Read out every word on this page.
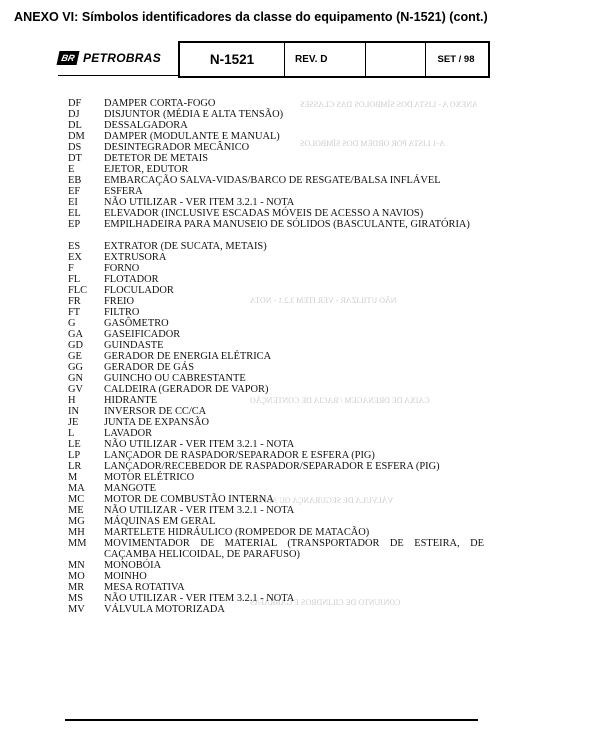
ANEXO VI: Símbolos identificadores da classe do equipamento (N-1521) (cont.)
ANEXO A - LISTA DOS SÍMBOLOS DAS CLASSES
A-1 LISTA POR ORDEM DOS SÍMBOLOS
NÃO UTILIZAR - VER ITEM 3.2.1 - NOTA
CAIXA DE DRENAGEM / BACIA DE CONTENÇÃO
VÁLVULA DE SEGURANÇA OU ALÍVIO
CONJUNTO DE CILINDROS E GARRAFAS
N-1521	REV. D	SET / 98
BR PETROBRAS
DF DAMPER CORTA-FOGO
DJ DISJUNTOR (MÉDIA E ALTA TENSÃO)
DL DESSALGADORA
DM DAMPER (MODULANTE E MANUAL)
DS DESINTEGRADOR MECÂNICO
DT DETETOR DE METAIS
E	EJETOR, EDUTOR
EB EMBARCAÇÃO SALVA-VIDAS/BARCO DE RESGATE/BALSA INFLÁVEL
EF ESFERA
EI	NÃO UTILIZAR - VER ITEM 3.2.1 - NOTA
EL ELEVADOR (INCLUSIVE ESCADAS MÓVEIS DE ACESSO A NAVIOS)
EP EMPILHADEIRA PARA MANUSEIO DE SÓLIDOS (BASCULANTE, GIRATÓRIA)
ES EXTRATOR (DE SUCATA, METAIS)
EX EXTRUSORA
F	FORNO
FL FLOTADOR
FLC FLOCULADOR
FR FREIO
FT FILTRO
G	GASÔMETRO
GA GASEIFICADOR
GD GUINDASTE
GE GERADOR DE ENERGIA ELÉTRICA
GG GERADOR DE GÁS
GN GUINCHO OU CABRESTANTE
GV CALDEIRA (GERADOR DE VAPOR)
H	HIDRANTE
IN INVERSOR DE CC/CA
JE JUNTA DE EXPANSÃO
L	LAVADOR
LE NÃO UTILIZAR - VER ITEM 3.2.1 - NOTA
LP LANÇADOR DE RASPADOR/SEPARADOR E ESFERA (PIG)
LR LANÇADOR/RECEBEDOR DE RASPADOR/SEPARADOR E ESFERA (PIG)
M	MOTOR ELÉTRICO
MA MANGOTE
MC MOTOR DE COMBUSTÃO INTERNA
ME NÃO UTILIZAR - VER ITEM 3.2.1 - NOTA
MG MÁQUINAS EM GERAL
MH MARTELETE HIDRÁULICO (ROMPEDOR DE MATACÃO)
MM MOVIMENTADOR DE MATERIAL (TRANSPORTADOR DE ESTEIRA, DE CAÇAMBA HELICOIDAL, DE PARAFUSO)
MN MONOBÓIA
MO MOINHO
MR MESA ROTATIVA
MS NÃO UTILIZAR - VER ITEM 3.2.1 - NOTA
MV VÁLVULA MOTORIZADA
